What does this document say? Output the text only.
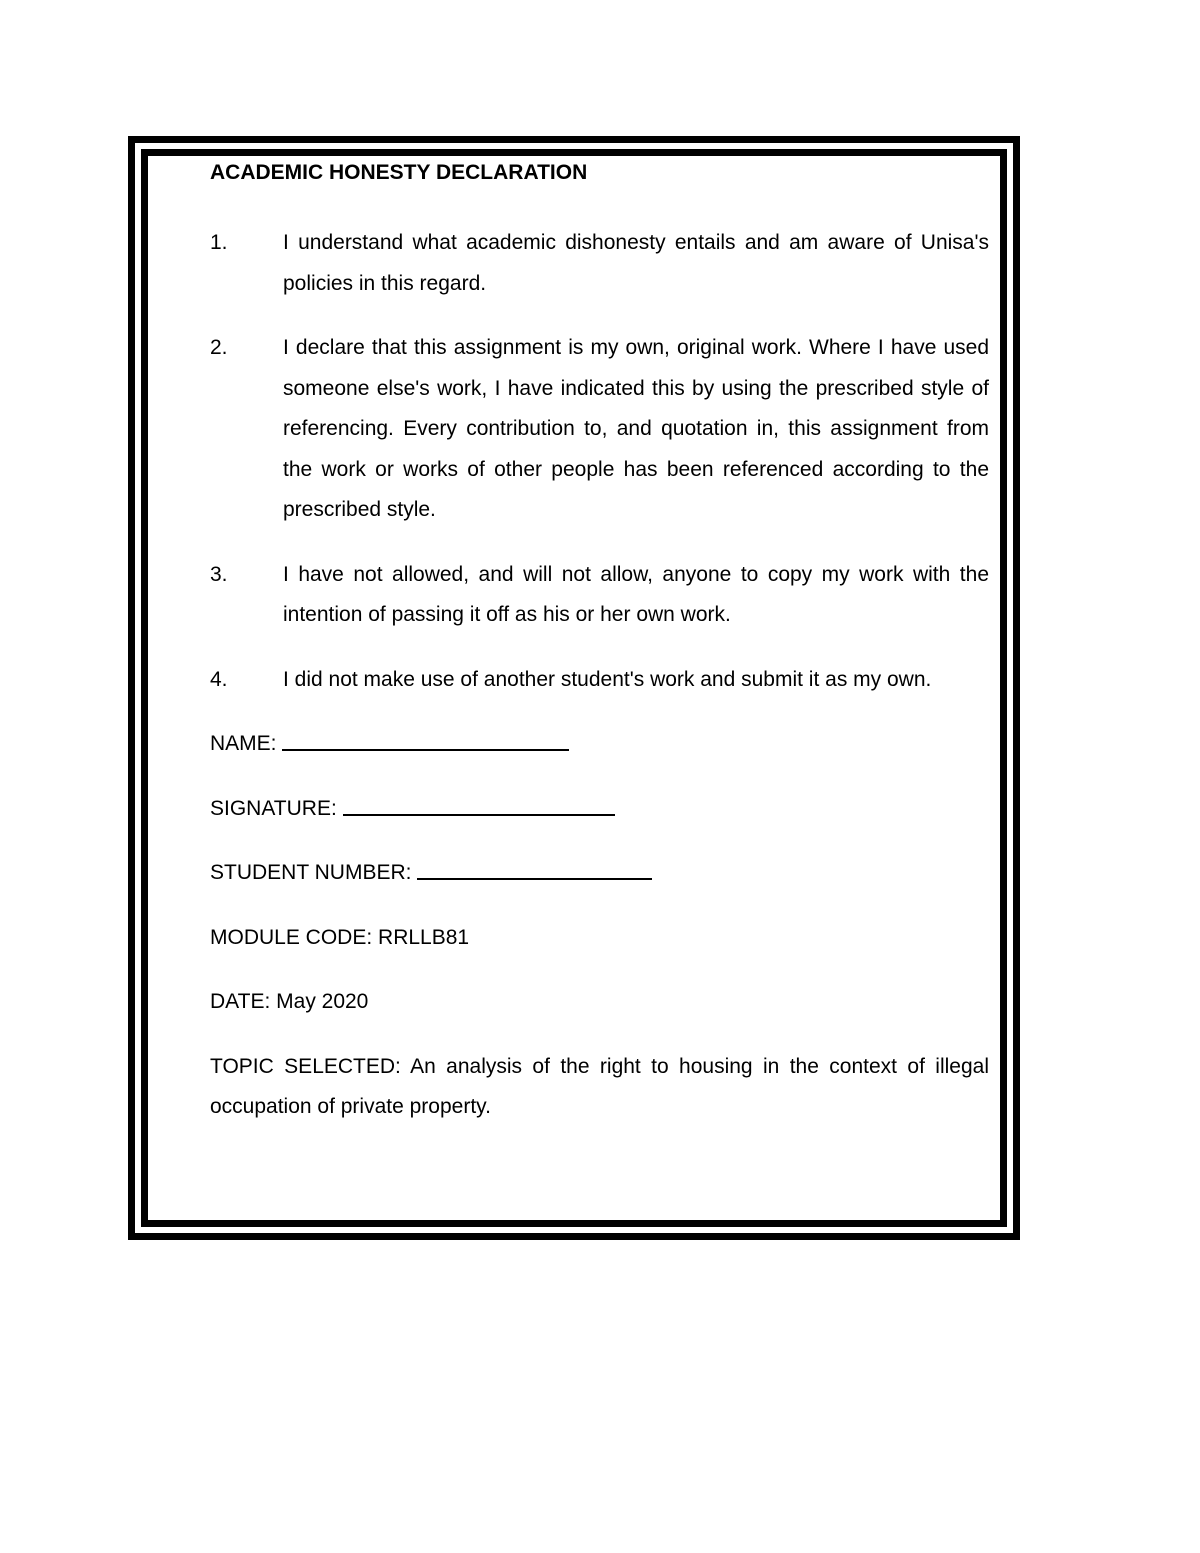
ACADEMIC HONESTY DECLARATION
1.	I understand what academic dishonesty entails and am aware of Unisa's policies in this regard.
2.	I declare that this assignment is my own, original work. Where I have used someone else's work, I have indicated this by using the prescribed style of referencing. Every contribution to, and quotation in, this assignment from the work or works of other people has been referenced according to the prescribed style.
3.	I have not allowed, and will not allow, anyone to copy my work with the intention of passing it off as his or her own work.
4.	I did not make use of another student's work and submit it as my own.
NAME:
SIGNATURE:
STUDENT NUMBER:
MODULE CODE: RRLLB81
DATE: May 2020
TOPIC SELECTED: An analysis of the right to housing in the context of illegal occupation of private property.
